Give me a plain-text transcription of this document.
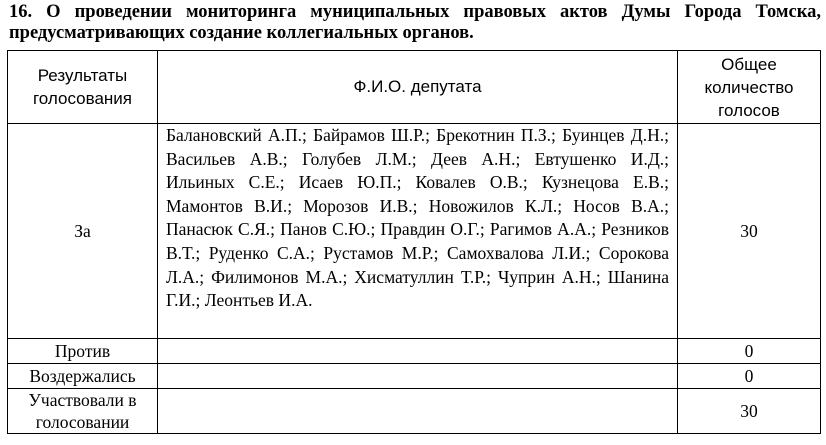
16. О проведении мониторинга муниципальных правовых актов Думы Города Томска, предусматривающих создание коллегиальных органов.
Результаты голосования	Ф.И.О. депутата	Общее количество голосов
За	Балановский А.П.; Байрамов Ш.Р.; Брекотнин П.З.; Буинцев Д.Н.; Васильев А.В.; Голубев Л.М.; Деев А.Н.; Евтушенко И.Д.; Ильиных С.Е.; Исаев Ю.П.; Ковалев О.В.; Кузнецова Е.В.; Мамонтов В.И.; Морозов И.В.; Новожилов К.Л.; Носов В.А.; Панасюк С.Я.; Панов С.Ю.; Правдин О.Г.; Рагимов А.А.; Резников В.Т.; Руденко С.А.; Рустамов М.Р.; Самохвалова Л.И.; Сорокова Л.А.; Филимонов М.А.; Хисматуллин Т.Р.; Чуприн А.Н.; Шанина Г.И.; Леонтьев И.А.	30
Против		0
Воздержались		0
Участвовали в голосовании		30
